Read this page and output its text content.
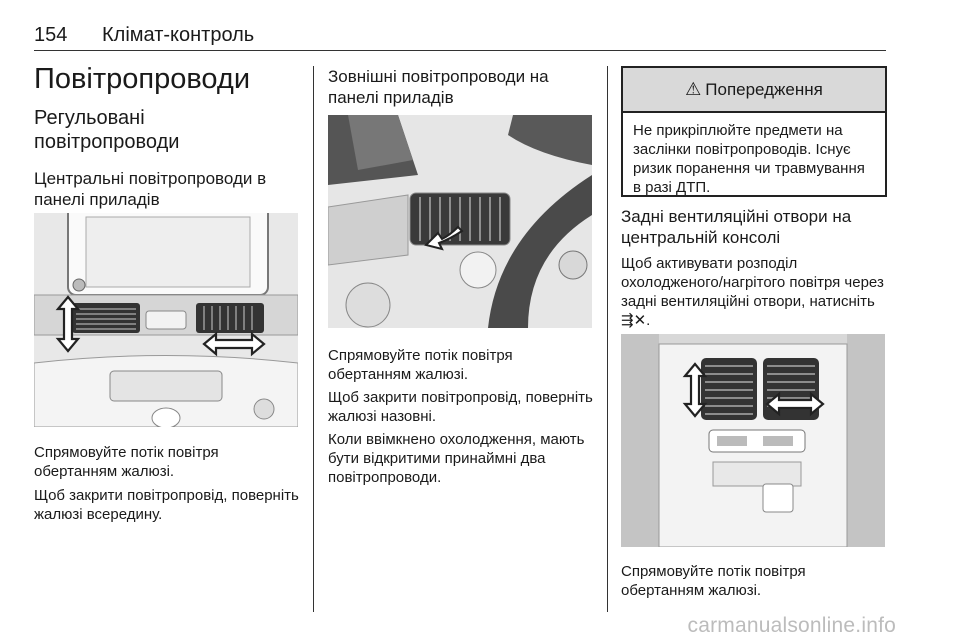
154 Клімат-контроль
Повітропроводи
Регульовані повітропроводи
Центральні повітропроводи в панелі приладів
Спрямовуйте потік повітря обертанням жалюзі.
Щоб закрити повітропровід, поверніть жалюзі всередину.
Зовнішні повітропроводи на панелі приладів
Спрямовуйте потік повітря обертанням жалюзі.
Щоб закрити повітропровід, поверніть жалюзі назовні.
Коли ввімкнено охолодження, мають бути відкритими принаймні два повітропроводи.
⚠ Попередження
Не прикріплюйте предмети на заслінки повітропроводів. Існує ризик поранення чи травмування в разі ДТП.
Задні вентиляційні отвори на центральній консолі
Щоб активувати розподіл охолодженого/нагрітого повітря через задні вентиляційні отвори, натисніть ⇶✕.
Спрямовуйте потік повітря обертанням жалюзі.
carmanualsonline.info
